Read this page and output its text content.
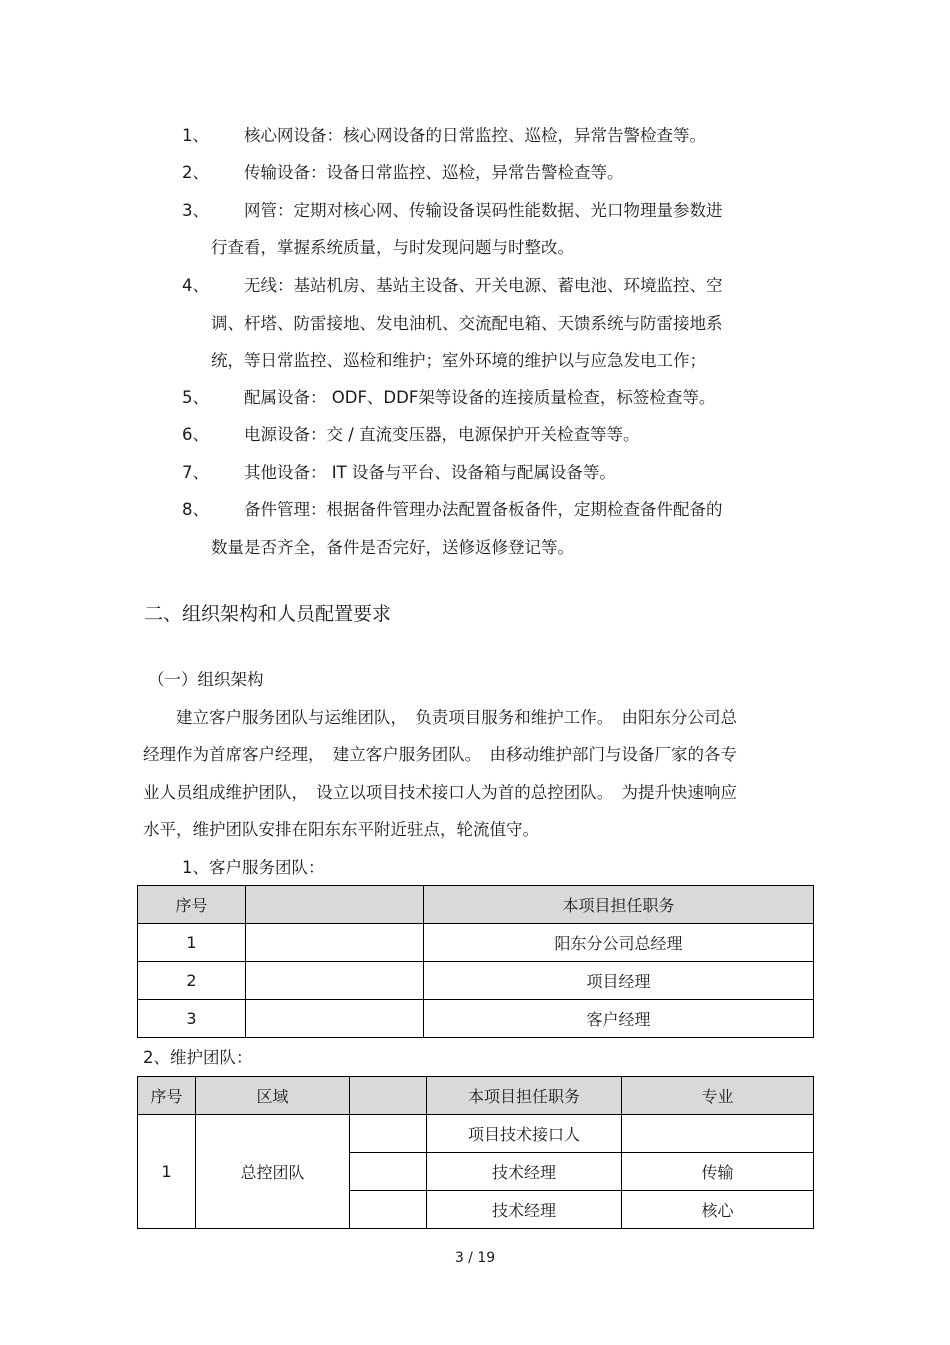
1、 核心网设备：核心网设备的日常监控、巡检，异常告警检查等。
2、 传输设备：设备日常监控、巡检，异常告警检查等。
3、 网管：定期对核心网、传输设备误码性能数据、光口物理量参数进
行查看，掌握系统质量，与时发现问题与时整改。
4、 无线：基站机房、基站主设备、开关电源、蓄电池、环境监控、空
调、杆塔、防雷接地、发电油机、交流配电箱、天馈系统与防雷接地系
统，等日常监控、巡检和维护；室外环境的维护以与应急发电工作；
5、 配属设备： ODF、DDF架等设备的连接质量检查，标签检查等。
6、 电源设备：交 / 直流变压器，电源保护开关检查等等。
7、 其他设备： IT 设备与平台、设备箱与配属设备等。
8、 备件管理：根据备件管理办法配置备板备件，定期检查备件配备的
数量是否齐全，备件是否完好，送修返修登记等。
二、组织架构和人员配置要求
（一）组织架构
　　建立客户服务团队与运维团队，　负责项目服务和维护工作。　由阳东分公司总
经理作为首席客户经理，　建立客户服务团队。　由移动维护部门与设备厂家的各专
业人员组成维护团队，　设立以项目技术接口人为首的总控团队。　为提升快速响应
水平，维护团队安排在阳东东平附近驻点，轮流值守。
1、客户服务团队：
序号		本项目担任职务
1		阳东分公司总经理
2		项目经理
3		客户经理
2、维护团队：
序号	区域		本项目担任职务	专业
1	总控团队		项目技术接口人	
			技术经理	传输
			技术经理	核心
3 / 19
